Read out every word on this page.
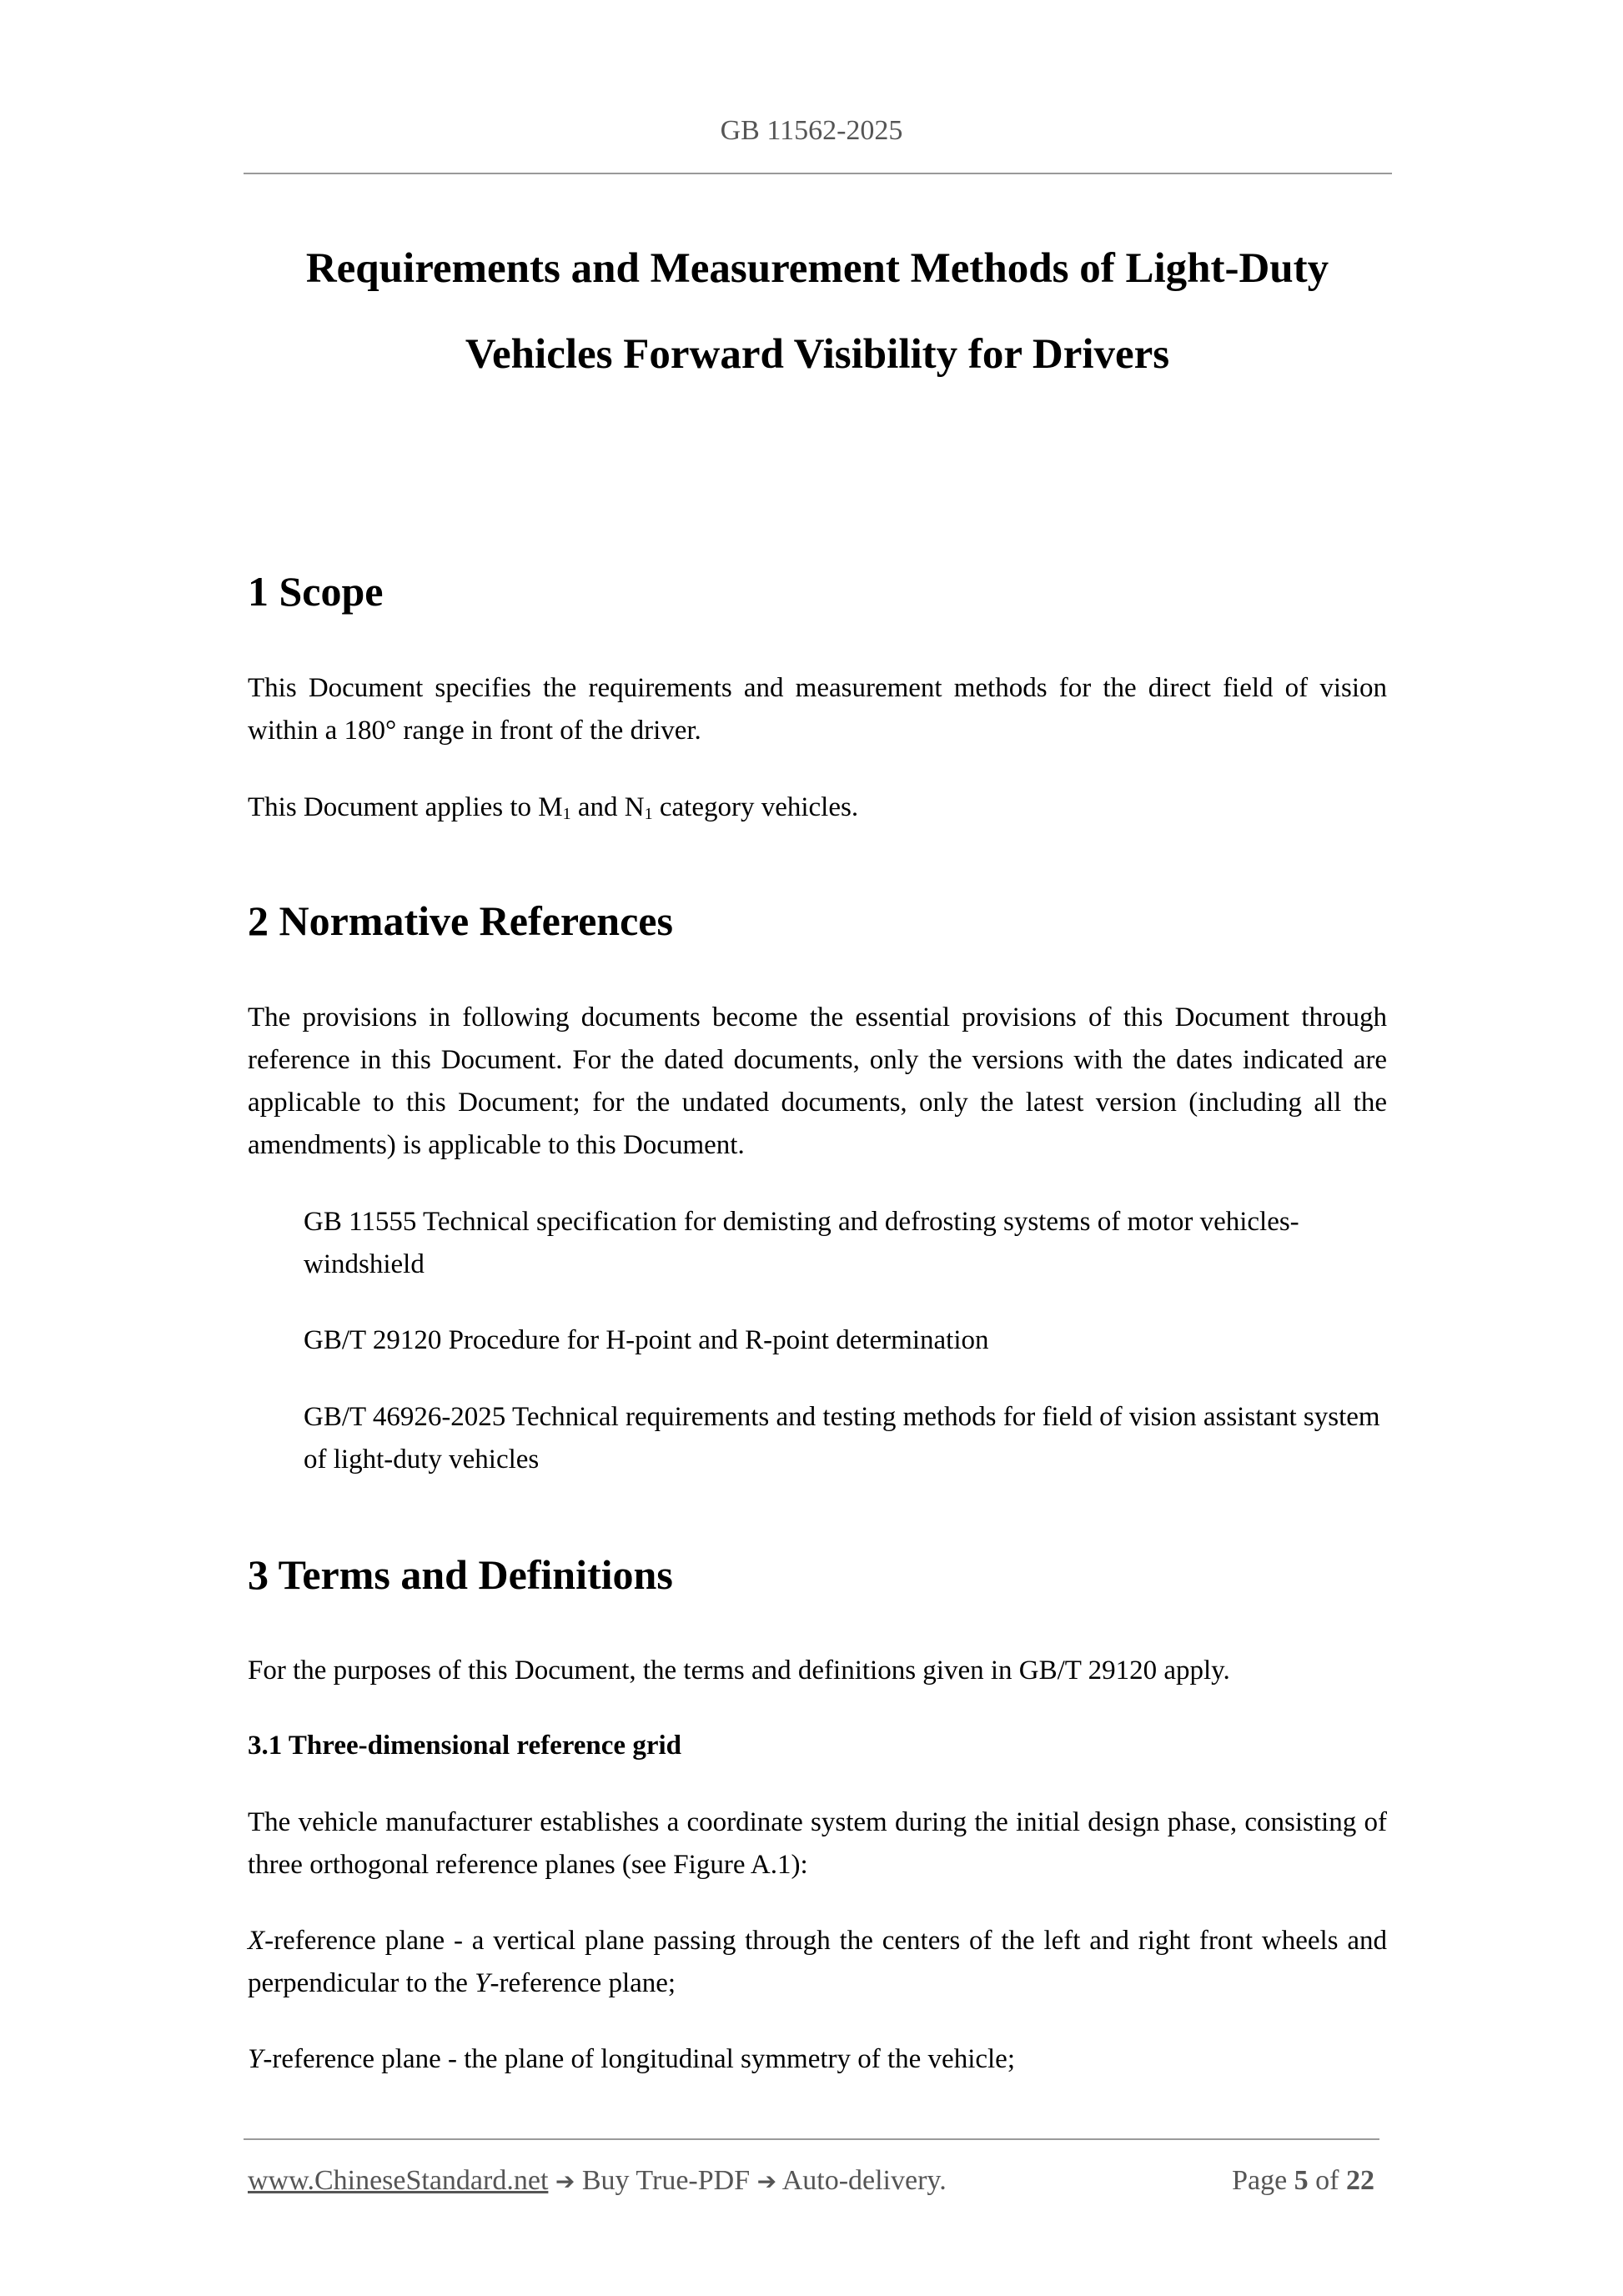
GB 11562-2025
Requirements and Measurement Methods of Light-Duty
Vehicles Forward Visibility for Drivers
1 Scope
This Document specifies the requirements and measurement methods for the direct field of vision within a 180° range in front of the driver.
This Document applies to $M_1$ and $N_1$ category vehicles.
2 Normative References
The provisions in following documents become the essential provisions of this Document through reference in this Document. For the dated documents, only the versions with the dates indicated are applicable to this Document; for the undated documents, only the latest version (including all the amendments) is applicable to this Document.
GB 11555 Technical specification for demisting and defrosting systems of motor vehicles-windshield
GB/T 29120 Procedure for H-point and R-point determination
GB/T 46926-2025 Technical requirements and testing methods for field of vision assistant system of light-duty vehicles
3 Terms and Definitions
For the purposes of this Document, the terms and definitions given in GB/T 29120 apply.
3.1 Three-dimensional reference grid
The vehicle manufacturer establishes a coordinate system during the initial design phase, consisting of three orthogonal reference planes (see Figure A.1):
X-reference plane - a vertical plane passing through the centers of the left and right front wheels and perpendicular to the Y-reference plane;
Y-reference plane - the plane of longitudinal symmetry of the vehicle;
www.ChineseStandard.net ➔ Buy True-PDF ➔ Auto-delivery.	Page 5 of 22
